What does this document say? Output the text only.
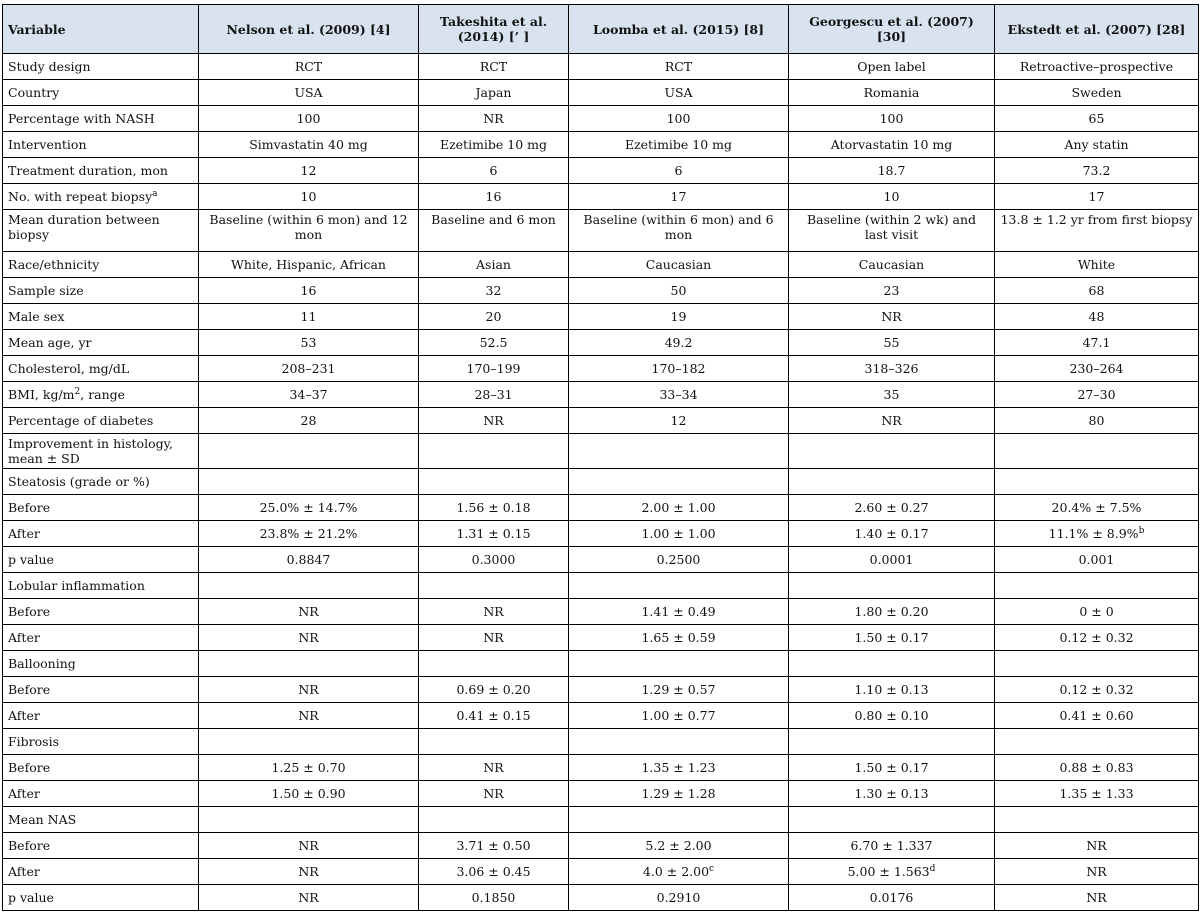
Variable	Nelson et al. (2009) [4]	Takeshita et al. (2014) [’ ]	Loomba et al. (2015) [8]	Georgescu et al. (2007) [30]	Ekstedt et al. (2007) [28]
Study design	RCT	RCT	RCT	Open label	Retroactive–prospective
Country	USA	Japan	USA	Romania	Sweden
Percentage with NASH	100	NR	100	100	65
Intervention	Simvastatin 40 mg	Ezetimibe 10 mg	Ezetimibe 10 mg	Atorvastatin 10 mg	Any statin
Treatment duration, mon	12	6	6	18.7	73.2
No. with repeat biopsy$^a$	10	16	17	10	17
Mean duration between biopsy	Baseline (within 6 mon) and 12 mon	Baseline and 6 mon	Baseline (within 6 mon) and 6 mon	Baseline (within 2 wk) and last visit	13.8 ± 1.2 yr from first biopsy
Race/ethnicity	White, Hispanic, African	Asian	Caucasian	Caucasian	White
Sample size	16	32	50	23	68
Male sex	11	20	19	NR	48
Mean age, yr	53	52.5	49.2	55	47.1
Cholesterol, mg/dL	208–231	170–199	170–182	318–326	230–264
BMI, $kg/m^2$, range	34–37	28–31	33–34	35	27–30
Percentage of diabetes	28	NR	12	NR	80
Improvement in histology, mean ± SD					
Steatosis (grade or %)					
Before	25.0% ± 14.7%	1.56 ± 0.18	2.00 ± 1.00	2.60 ± 0.27	20.4% ± 7.5%
After	23.8% ± 21.2%	1.31 ± 0.15	1.00 ± 1.00	1.40 ± 0.17	11.1% ± 8.9%$^b$
p value	0.8847	0.3000	0.2500	0.0001	0.001
Lobular inflammation					
Before	NR	NR	1.41 ± 0.49	1.80 ± 0.20	0 ± 0
After	NR	NR	1.65 ± 0.59	1.50 ± 0.17	0.12 ± 0.32
Ballooning					
Before	NR	0.69 ± 0.20	1.29 ± 0.57	1.10 ± 0.13	0.12 ± 0.32
After	NR	0.41 ± 0.15	1.00 ± 0.77	0.80 ± 0.10	0.41 ± 0.60
Fibrosis					
Before	1.25 ± 0.70	NR	1.35 ± 1.23	1.50 ± 0.17	0.88 ± 0.83
After	1.50 ± 0.90	NR	1.29 ± 1.28	1.30 ± 0.13	1.35 ± 1.33
Mean NAS					
Before	NR	3.71 ± 0.50	5.2 ± 2.00	6.70 ± 1.337	NR
After	NR	3.06 ± 0.45	4.0 ± 2.00$^c$	5.00 ± 1.563$^d$	NR
p value	NR	0.1850	0.2910	0.0176	NR
